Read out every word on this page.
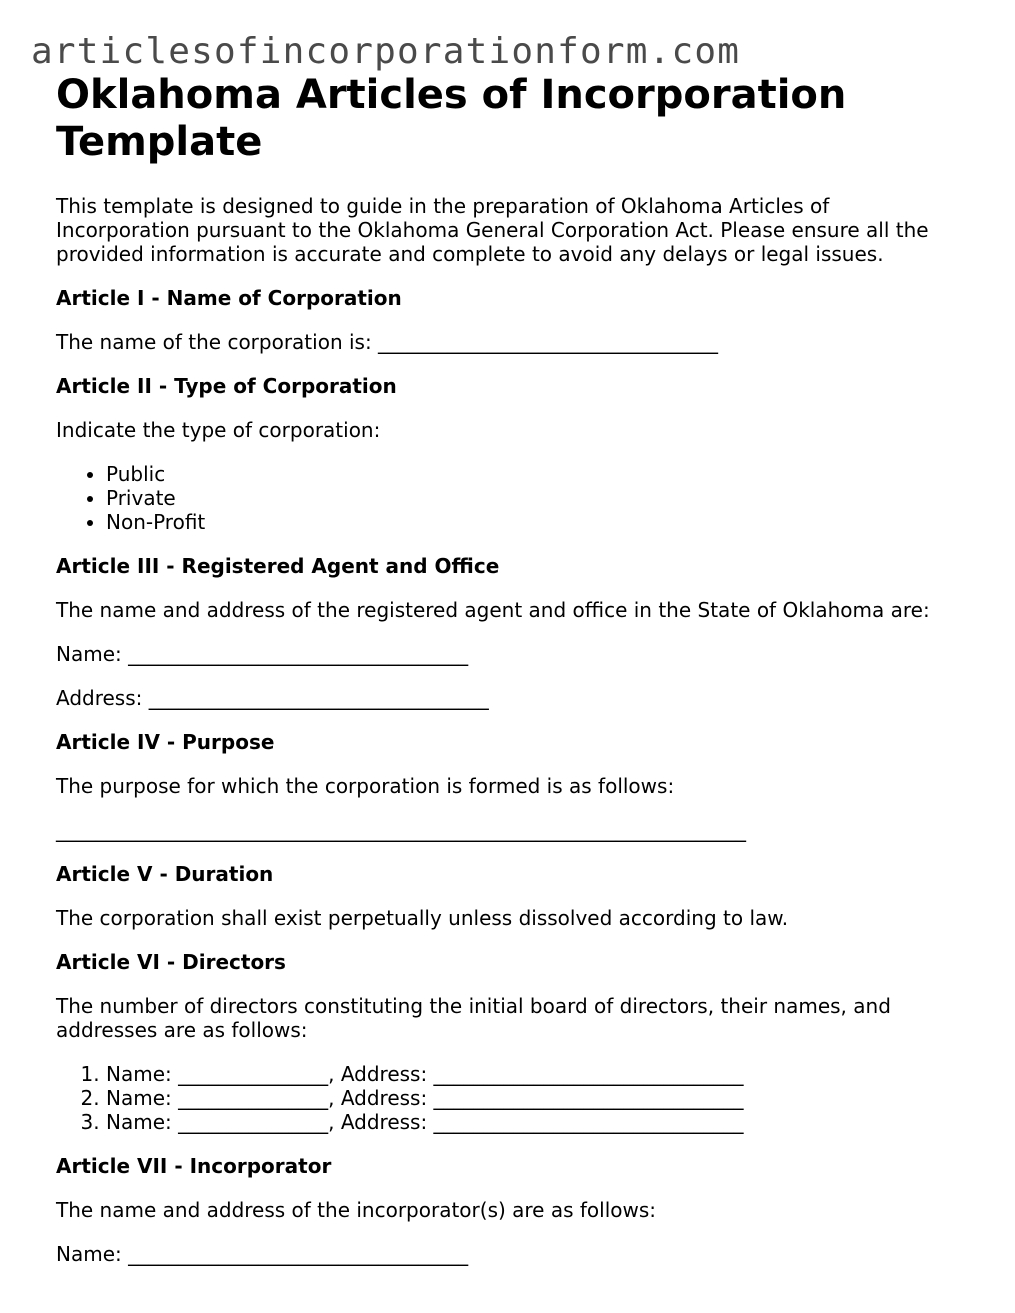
articlesofincorporationform.com
Oklahoma Articles of Incorporation Template

This template is designed to guide in the preparation of Oklahoma Articles of Incorporation pursuant to the Oklahoma General Corporation Act. Please ensure all the provided information is accurate and complete to avoid any delays or legal issues.

Article I - Name of Corporation

The name of the corporation is: __________________________________

Article II - Type of Corporation

Indicate the type of corporation:

• Public
• Private
• Non-Profit

Article III - Registered Agent and Office

The name and address of the registered agent and office in the State of Oklahoma are:

Name: __________________________________

Address: __________________________________

Article IV - Purpose

The purpose for which the corporation is formed is as follows:

_____________________________________________________________________

Article V - Duration

The corporation shall exist perpetually unless dissolved according to law.

Article VI - Directors

The number of directors constituting the initial board of directors, their names, and addresses are as follows:

1. Name: _______________, Address: _______________________________
2. Name: _______________, Address: _______________________________
3. Name: _______________, Address: _______________________________

Article VII - Incorporator

The name and address of the incorporator(s) are as follows:

Name: __________________________________
